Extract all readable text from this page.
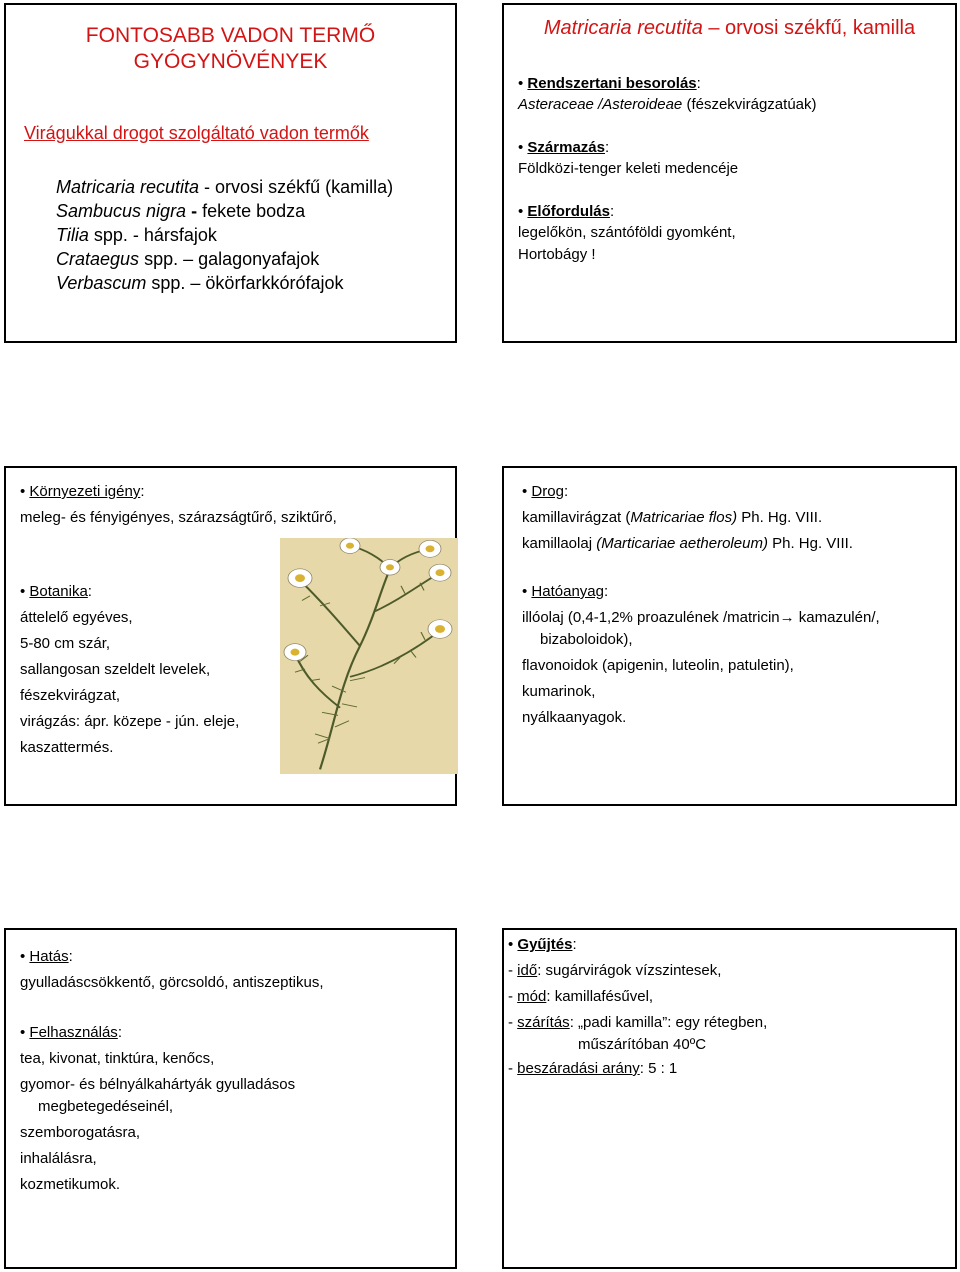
FONTOSABB VADON TERMŐ
GYÓGYNÖVÉNYEK
Virágukkal drogot szolgáltató vadon termők
Matricaria recutita - orvosi székfű (kamilla)
Sambucus nigra - fekete bodza
Tilia spp. - hársfajok
Crataegus spp. – galagonyafajok
Verbascum spp. – ökörfarkkórófajok
Matricaria recutita – orvosi székfű, kamilla
• Rendszertani besorolás:
Asteraceae /Asteroideae (fészekvirágzatúak)
• Származás:
Földközi-tenger keleti medencéje
• Előfordulás:
legelőkön, szántóföldi gyomként,
Hortobágy !
• Környezeti igény:
meleg- és fényigényes, szárazságtűrő, sziktűrő,
• Botanika:
áttelelő egyéves,
5-80 cm szár,
sallangosan szeldelt levelek,
fészekvirágzat,
virágzás: ápr. közepe - jún. eleje,
kaszattermés.
• Drog:
kamillavirágzat (Matricariae flos) Ph. Hg. VIII.
kamillaolaj (Marticariae aetheroleum) Ph. Hg. VIII.
• Hatóanyag:
illóolaj (0,4-1,2% proazulének /matricin→ kamazulén/,
bizaboloidok),
flavonoidok (apigenin, luteolin, patuletin),
kumarinok,
nyálkaanyagok.
• Hatás:
gyulladáscsökkentő, görcsoldó, antiszeptikus,
• Felhasználás:
tea, kivonat, tinktúra, kenőcs,
gyomor- és bélnyálkahártyák gyulladásos
megbetegedéseinél,
szemborogatásra,
inhalálásra,
kozmetikumok.
• Gyűjtés:
- idő: sugárvirágok vízszintesek,
- mód: kamillafésűvel,
- szárítás: „padi kamilla”: egy rétegben,
műszárítóban 40ºC
- beszáradási arány: 5 : 1
